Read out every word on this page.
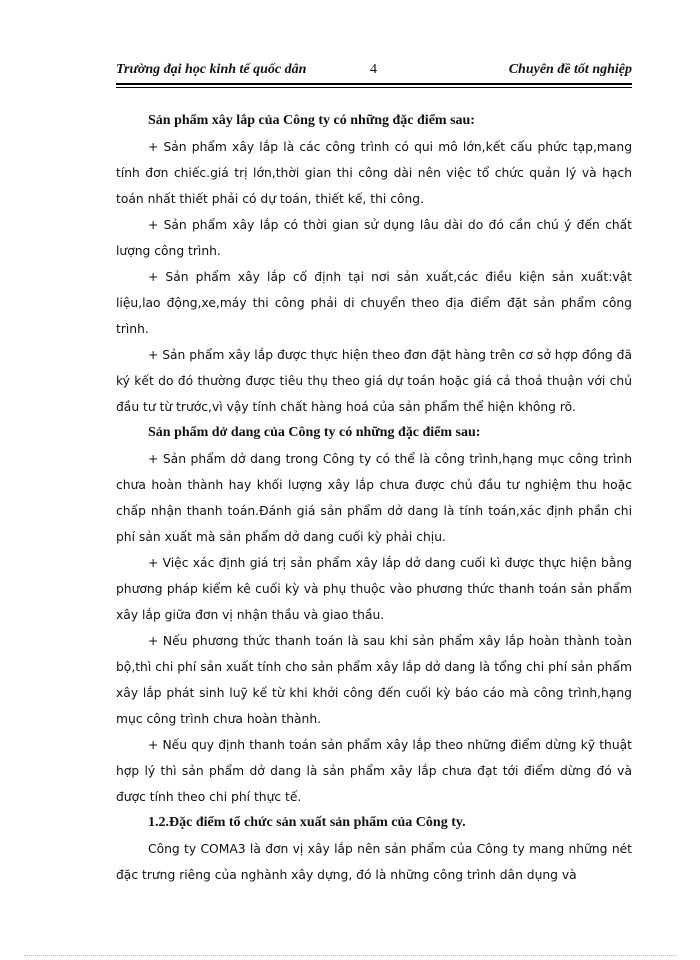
Trường đại học kinh tế quốc dân	4	Chuyên đề tốt nghiệp

Sản phẩm xây lắp của Công ty có những đặc điểm sau:

+ Sản phẩm xây lắp là các công trình có qui mô lớn,kết cấu phức tạp,mang tính đơn chiếc.giá trị lớn,thời gian thi công dài nên việc tổ chức quản lý và hạch toán nhất thiết phải có dự toán, thiết kế, thi công.

+ Sản phẩm xây lắp có thời gian sử dụng lâu dài do đó cần chú ý đến chất lượng công trình.

+ Sản phẩm xây lắp cố định tại nơi sản xuất,các điều kiện sản xuất:vật liệu,lao động,xe,máy thi công phải di chuyển theo địa điểm đặt sản phẩm công trình.

+ Sản phẩm xây lắp được thực hiện theo đơn đặt hàng trên cơ sở hợp đồng đã ký kết do đó thường được tiêu thụ theo giá dự toán hoặc giá cả thoả thuận với chủ đầu tư từ trước,vì vậy tính chất hàng hoá của sản phẩm thể hiện không rõ.

Sản phẩm dở dang của Công ty có những đặc điểm sau:

+ Sản phẩm dở dang trong Công ty có thể là công trình,hạng mục công trình chưa hoàn thành hay khối lượng xây lắp chưa được chủ đầu tư nghiệm thu hoặc chấp nhận thanh toán.Đánh giá sản phẩm dở dang là tính toán,xác định phần chi phí sản xuất mà sản phẩm dở dang cuối kỳ phải chịu.

+ Việc xác định giá trị sản phẩm xây lắp dở dang cuối kì được thực hiện bằng phương pháp kiểm kê cuối kỳ và phụ thuộc vào phương thức thanh toán sản phẩm xây lắp giữa đơn vị nhận thầu và giao thầu.

+ Nếu phương thức thanh toán là sau khi sản phẩm xây lắp hoàn thành toàn bộ,thì chi phí sản xuất tính cho sản phẩm xây lắp dở dang là tổng chi phí sản phẩm xây lắp phát sinh luỹ kế từ khi khởi công đến cuối kỳ báo cáo mà công trình,hạng mục công trình chưa hoàn thành.

+ Nếu quy định thanh toán sản phẩm xây lắp theo những điểm dừng kỹ thuật hợp lý thì sản phẩm dở dang là sản phẩm xây lắp chưa đạt tới điểm dừng đó và được tính theo chi phí thực tế.

1.2.Đặc điểm tổ chức sản xuất sản phẩm của Công ty.

Công ty COMA3 là đơn vị xây lắp nên sản phẩm của Công ty mang những nét đặc trưng riêng của nghành xây dựng, đó là những công trình dân dụng và
